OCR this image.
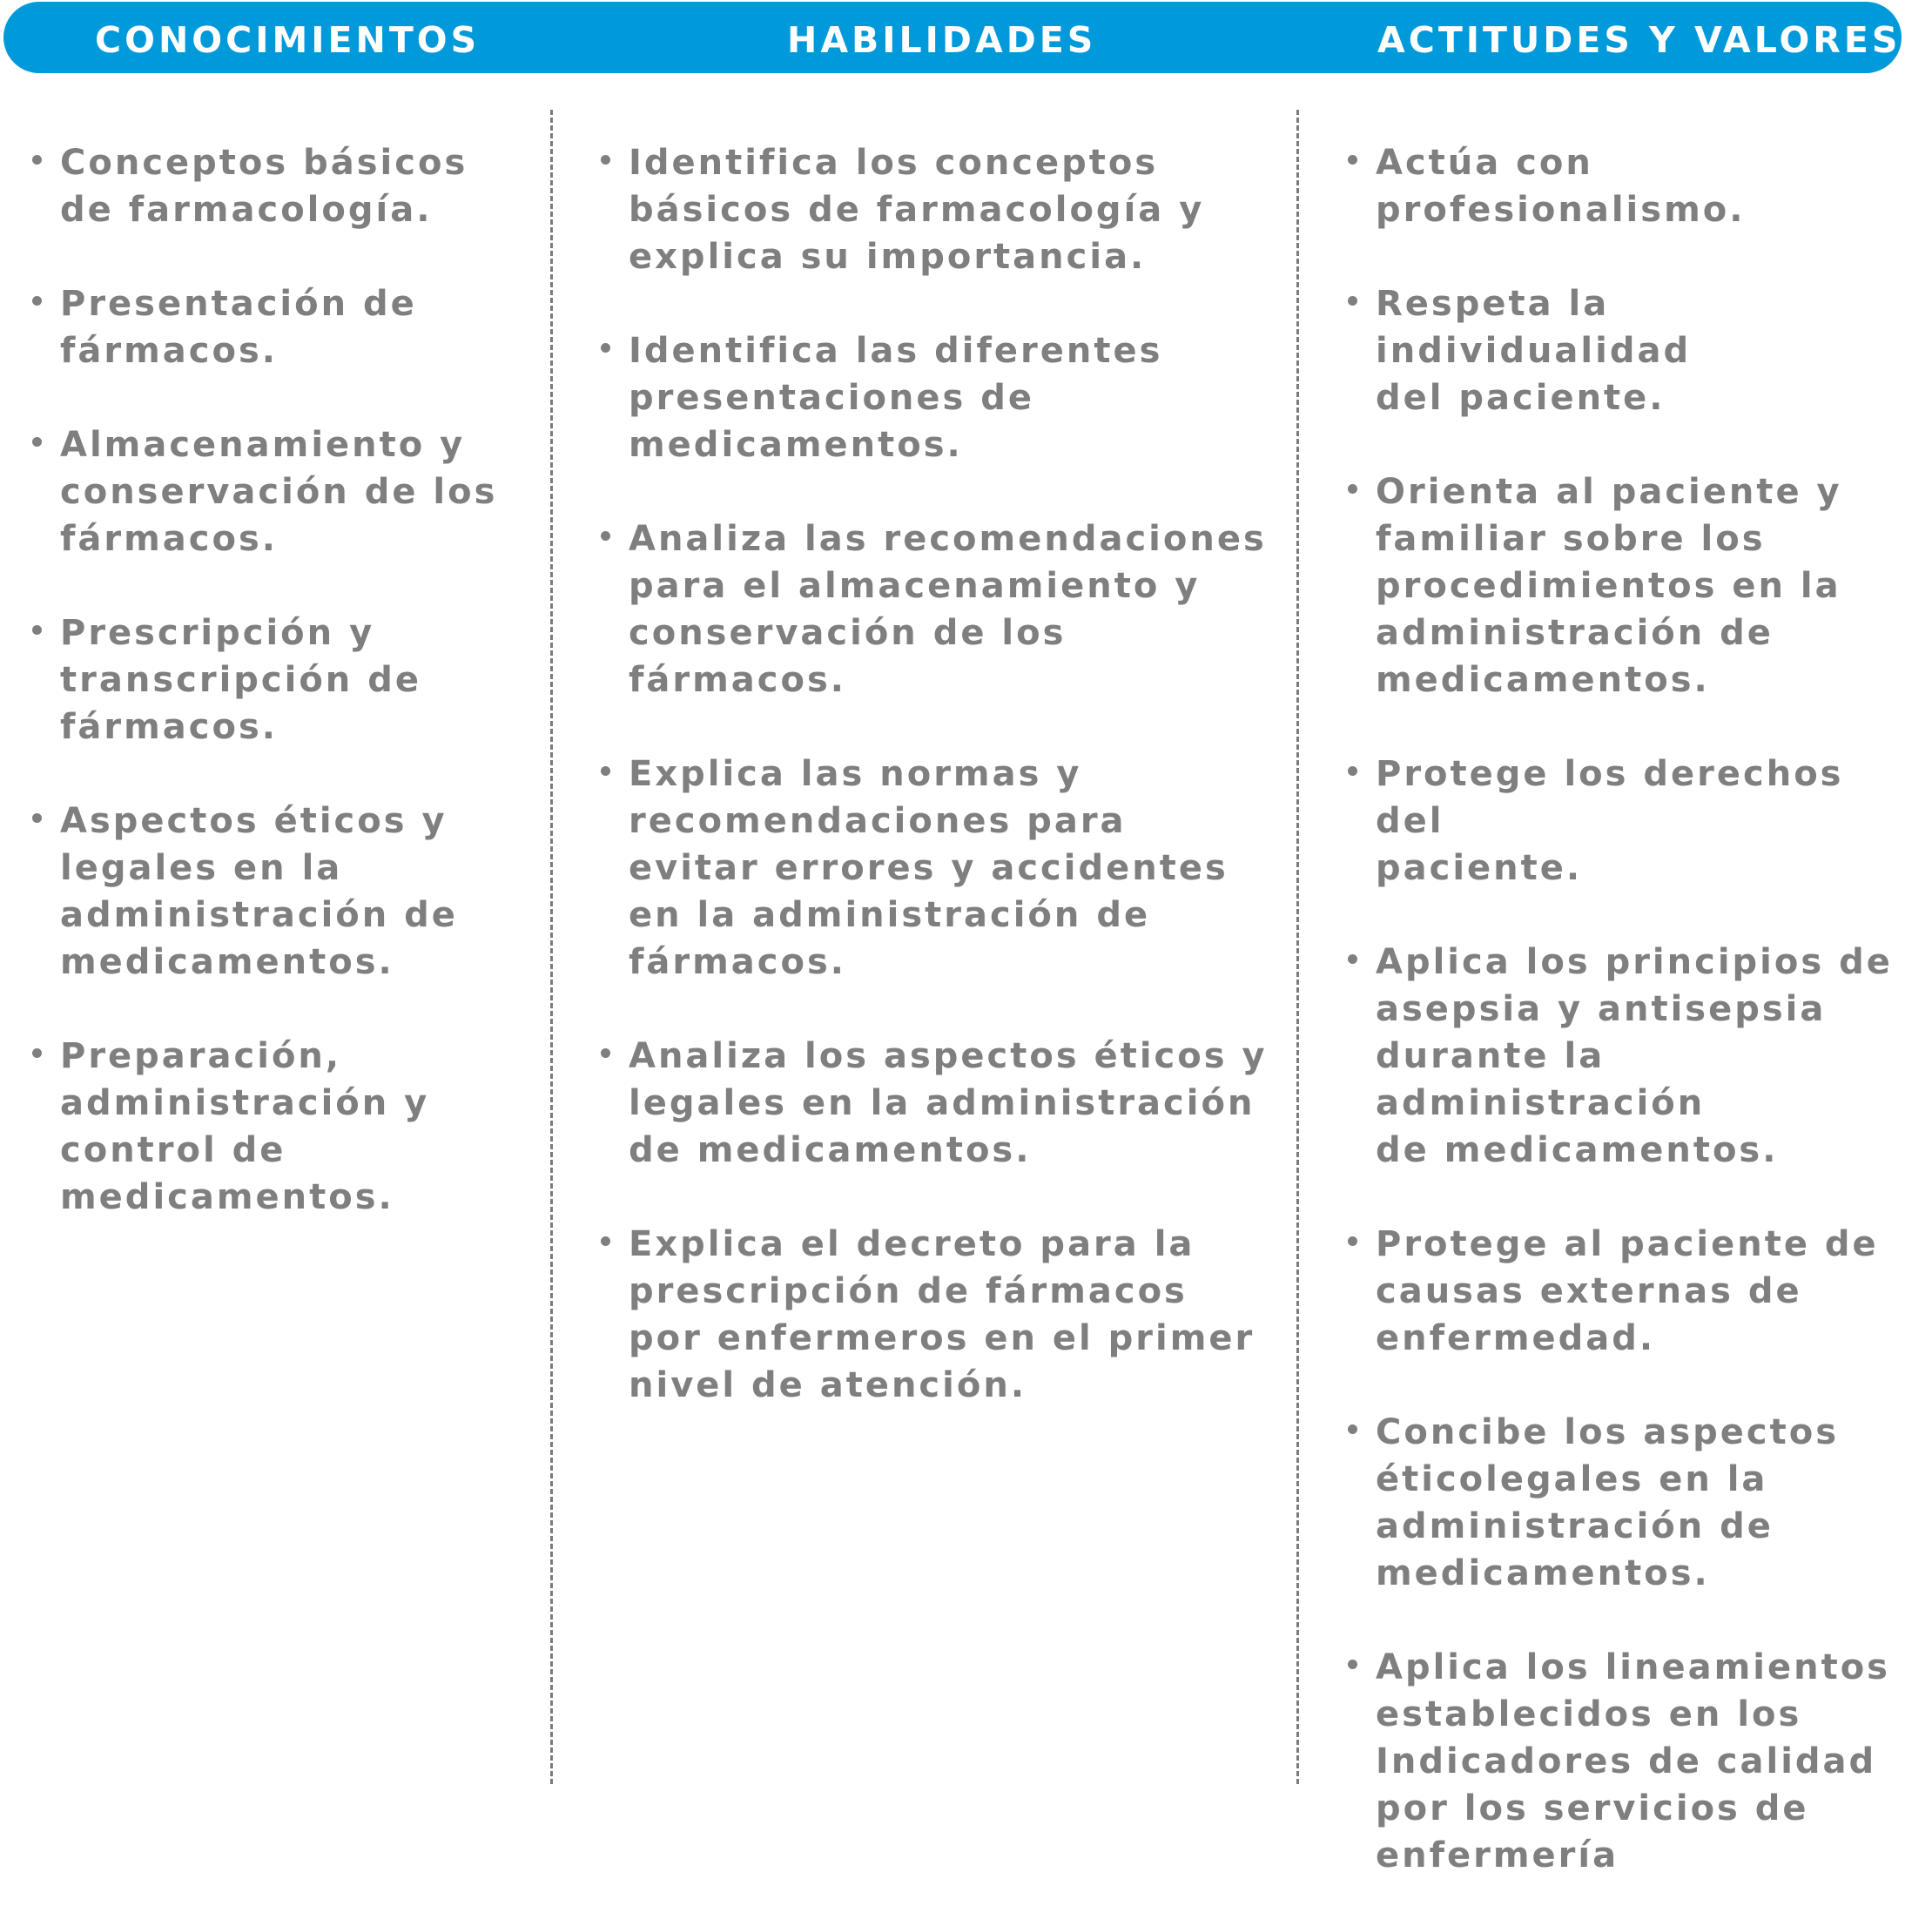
CONOCIMIENTOS	HABILIDADES	ACTITUDES Y VALORES
Conceptos básicos
de farmacología.
Presentación de
fármacos.
Almacenamiento y
conservación de los
fármacos.
Prescripción y
transcripción de
fármacos.
Aspectos éticos y
legales en la
administración de
medicamentos.
Preparación,
administración y
control de
medicamentos.
Identifica los conceptos
básicos de farmacología y
explica su importancia.
Identifica las diferentes
presentaciones de
medicamentos.
Analiza las recomendaciones
para el almacenamiento y
conservación de los
fármacos.
Explica las normas y
recomendaciones para
evitar errores y accidentes
en la administración de
fármacos.
Analiza los aspectos éticos y
legales en la administración
de medicamentos.
Explica el decreto para la
prescripción de fármacos
por enfermeros en el primer
nivel de atención.
Actúa con
profesionalismo.
Respeta la individualidad
del paciente.
Orienta al paciente y
familiar sobre los
procedimientos en la
administración de
medicamentos.
Protege los derechos del
paciente.
Aplica los principios de
asepsia y antisepsia
durante la administración
de medicamentos.
Protege al paciente de
causas externas de
enfermedad.
Concibe los aspectos
éticolegales en la
administración de
medicamentos.
Aplica los lineamientos
establecidos en los
Indicadores de calidad
por los servicios de
enfermería
